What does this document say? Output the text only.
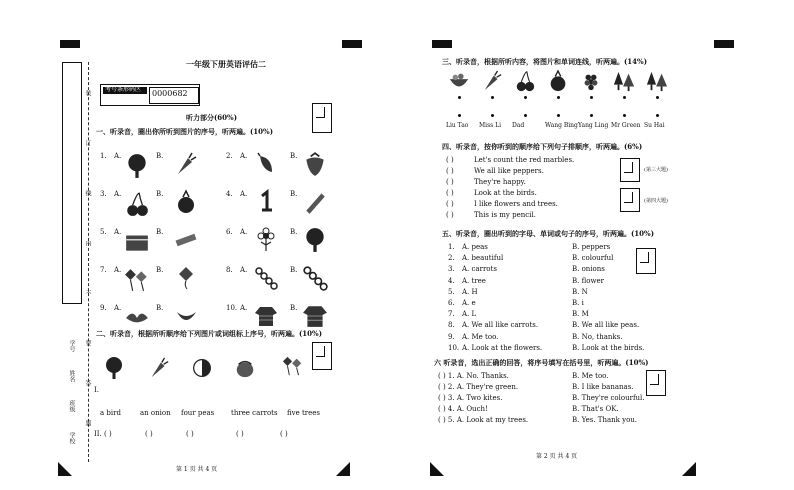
装
订
线
内
不
要
答
题
学号
姓名
班级
学校
一年级下册英语评估二
考号条形码区 0000682
听力部分(60%)
一、听录音，圈出你所听到图片的序号，听两遍。(10%)
二、听录音，根据所听顺序给下列图片或词组标上序号，听两遍。(10%)
I.
a bird	an onion four peas three carrots five trees
II. ( )	( )	( )	( )	( )
第 1 页 共 4 页
1.	2.
A.	B.	A.	B.
3.	4.
A.	B.	A.	B.
5.	6.
A.	B.	A.	B.
7.	8.
A.	B.	A.	B.
9.	10.
A.	B.	A.	B.
三、听录音，根据所听内容，将图片和单词连线，听两遍。(14%)
四、听录音，按你听到的顺序给下列句子排顺序，听两遍。(6%)
(第三大题)
(第四大题)
五、听录音，圈出听到的字母、单词或句子的序号，听两遍。(10%)
六 听录音，选出正确的回答，将序号填写在括号里，听两遍。(10%)
第 2 页 共 4 页
Liu Tao Miss Li Dad	Wang Bing Yang Ling Mr Green Su Hai
( )	Let's count the red marbles.
( )	We all like peppers.
( )	They're happy.
( )	Look at the birds.
( )	I like flowers and trees.
( )	This is my pencil.
1. A. peas	B. peppers
2. A. beautiful	B. colourful
3. A. carrots	B. onions
4. A. tree	B. flower
5. A. H	B. N
6. A. e	B. i
7. A. L	B. M
8. A. We all like carrots.	B. We all like peas.
9. A. Me too.	B. No, thanks.
10. A. Look at the flowers.	B. Look at the birds.
( ) 1. A. No. Thanks.	B. Me too.
( ) 2. A. They're green.	B. I like bananas.
( ) 3. A. Two kites.	B. They're colourful.
( ) 4. A. Ouch!	B. That's OK.
( ) 5. A. Look at my trees.	B. Yes. Thank you.
